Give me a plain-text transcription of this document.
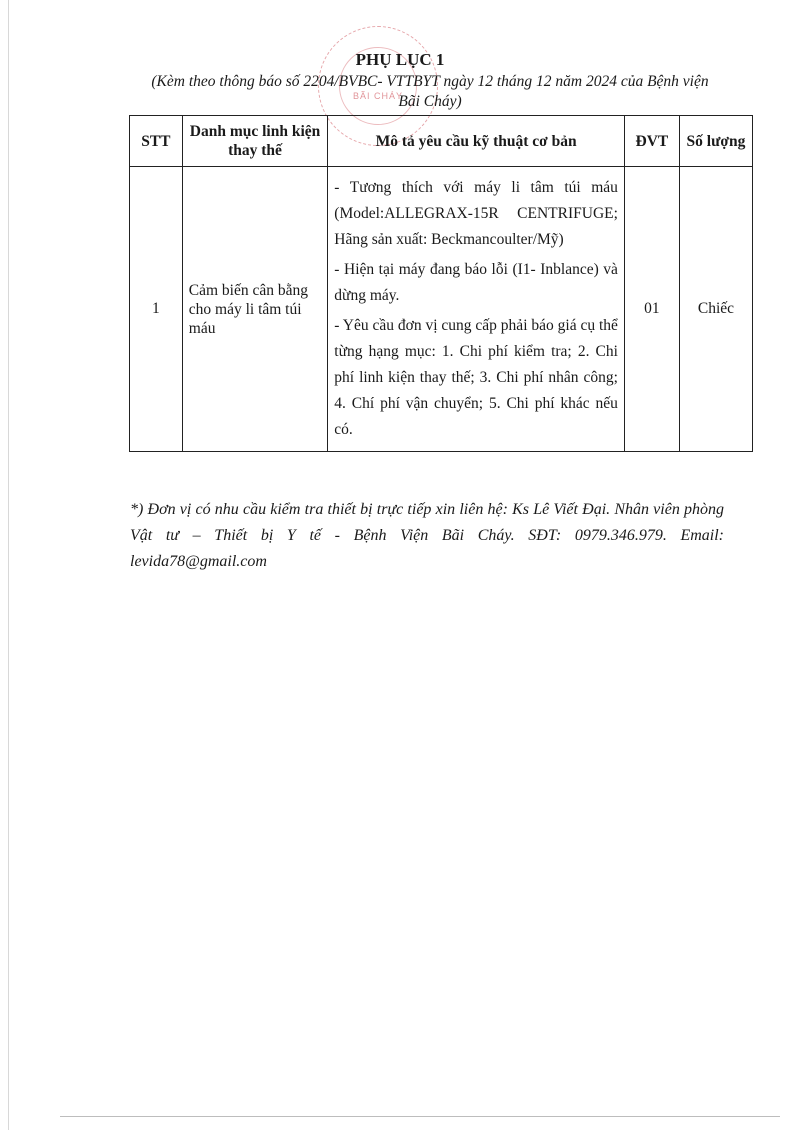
BÃI CHÁY
PHỤ LỤC 1
(Kèm theo thông báo số 2204/BVBC- VTTBYT ngày 12 tháng 12 năm 2024 của Bệnh viện Bãi Cháy)
STT	Danh mục linh kiện thay thế	Mô tả yêu cầu kỹ thuật cơ bản	ĐVT	Số lượng
1	Cảm biến cân bằng cho máy li tâm túi máu	- Tương thích với máy li tâm túi máu (Model:ALLEGRAX-15R CENTRIFUGE; Hãng sản xuất: Beckmancoulter/Mỹ)

- Hiện tại máy đang báo lỗi (I1- Inblance) và dừng máy.

- Yêu cầu đơn vị cung cấp phải báo giá cụ thể từng hạng mục: 1. Chi phí kiểm tra; 2. Chi phí linh kiện thay thế; 3. Chi phí nhân công; 4. Chí phí vận chuyển; 5. Chi phí khác nếu có.	01	Chiếc
*) Đơn vị có nhu cầu kiểm tra thiết bị trực tiếp xin liên hệ: Ks Lê Viết Đại. Nhân viên phòng Vật tư – Thiết bị Y tế - Bệnh Viện Bãi Cháy. SĐT: 0979.346.979. Email: levida78@gmail.com
